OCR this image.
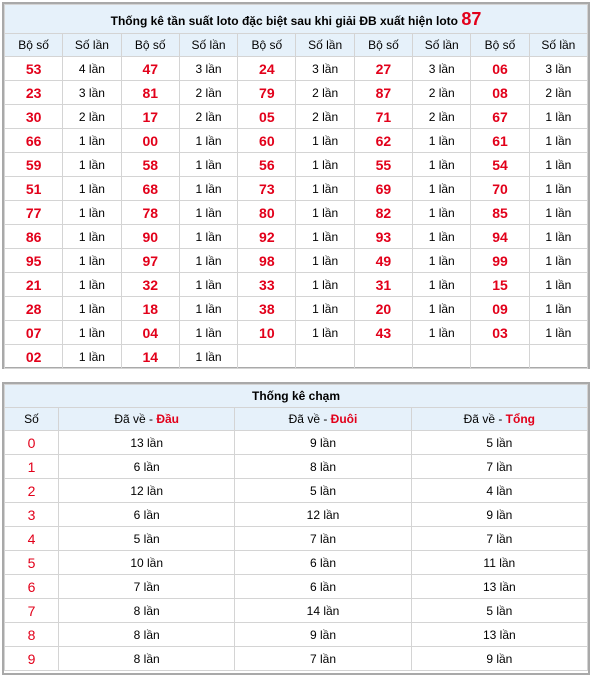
Thống kê tần suất loto đặc biệt sau khi giải ĐB xuất hiện loto 87									
Bộ số	Số lần	Bộ số	Số lần	Bộ số	Số lần	Bộ số	Số lần	Bộ số	Số lần
53	4 lần	47	3 lần	24	3 lần	27	3 lần	06	3 lần
23	3 lần	81	2 lần	79	2 lần	87	2 lần	08	2 lần
30	2 lần	17	2 lần	05	2 lần	71	2 lần	67	1 lần
66	1 lần	00	1 lần	60	1 lần	62	1 lần	61	1 lần
59	1 lần	58	1 lần	56	1 lần	55	1 lần	54	1 lần
51	1 lần	68	1 lần	73	1 lần	69	1 lần	70	1 lần
77	1 lần	78	1 lần	80	1 lần	82	1 lần	85	1 lần
86	1 lần	90	1 lần	92	1 lần	93	1 lần	94	1 lần
95	1 lần	97	1 lần	98	1 lần	49	1 lần	99	1 lần
21	1 lần	32	1 lần	33	1 lần	31	1 lần	15	1 lần
28	1 lần	18	1 lần	38	1 lần	20	1 lần	09	1 lần
07	1 lần	04	1 lần	10	1 lần	43	1 lần	03	1 lần
02	1 lần	14	1 lần						
Thống kê chạm			
Số	Đã về - Đầu	Đã về - Đuôi	Đã về - Tổng
0	13 lần	9 lần	5 lần
1	6 lần	8 lần	7 lần
2	12 lần	5 lần	4 lần
3	6 lần	12 lần	9 lần
4	5 lần	7 lần	7 lần
5	10 lần	6 lần	11 lần
6	7 lần	6 lần	13 lần
7	8 lần	14 lần	5 lần
8	8 lần	9 lần	13 lần
9	8 lần	7 lần	9 lần
